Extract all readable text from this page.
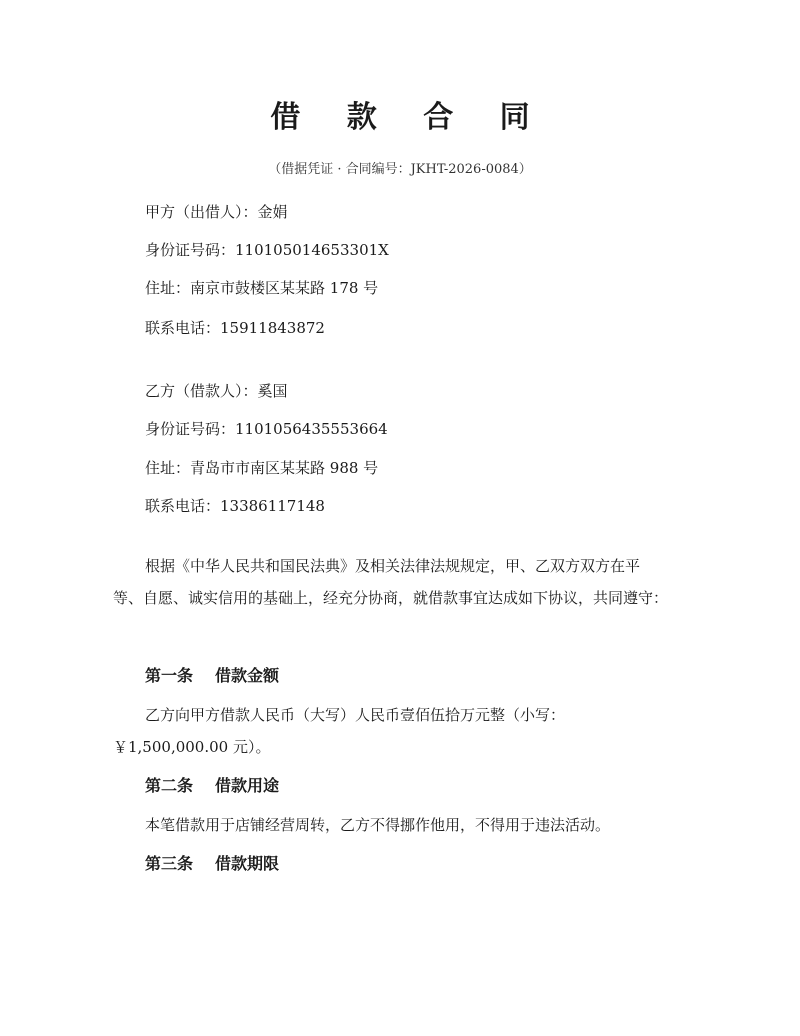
借 款 合 同
（借据凭证 · 合同编号：JKHT-2026-0084）
甲方（出借人）：金娟
身份证号码：110105014653301X
住址：南京市鼓楼区某某路 178 号
联系电话：15911843872
乙方（借款人）：奚国
身份证号码：1101056435553664
住址：青岛市市南区某某路 988 号
联系电话：13386117148
根据《中华人民共和国民法典》及相关法律法规规定，甲、乙双方双方在平等、自愿、诚实信用的基础上，经充分协商，就借款事宜达成如下协议，共同遵守：
第一条 借款金额
乙方向甲方借款人民币（大写）人民币壹佰伍拾万元整（小写：￥1,500,000.00 元）。
第二条 借款用途
本笔借款用于店铺经营周转，乙方不得挪作他用，不得用于违法活动。
第三条 借款期限
